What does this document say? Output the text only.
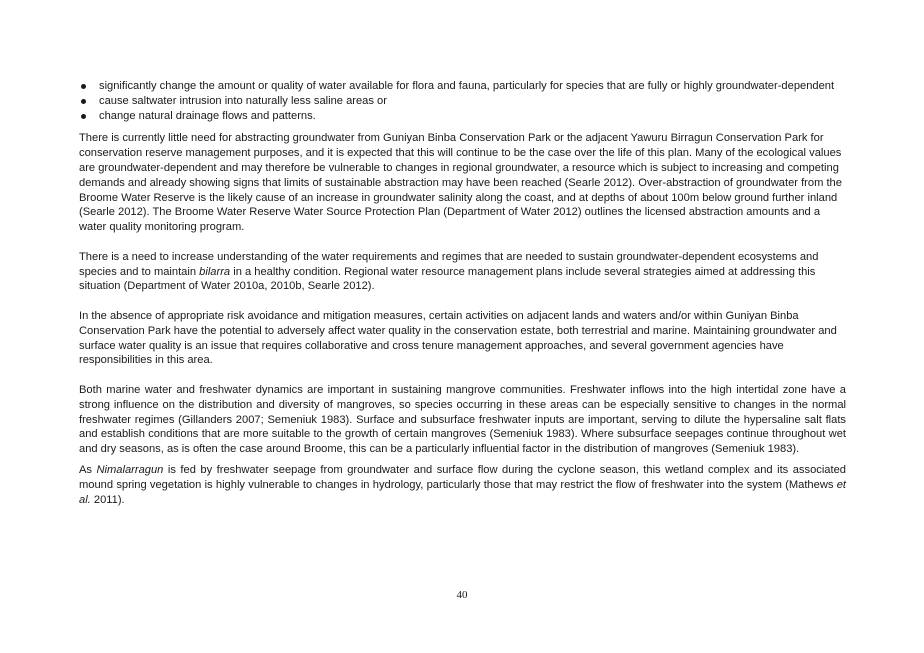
significantly change the amount or quality of water available for flora and fauna, particularly for species that are fully or highly groundwater-dependent
cause saltwater intrusion into naturally less saline areas or
change natural drainage flows and patterns.

There is currently little need for abstracting groundwater from Guniyan Binba Conservation Park or the adjacent Yawuru Birragun Conservation Park for conservation reserve management purposes, and it is expected that this will continue to be the case over the life of this plan. Many of the ecological values are groundwater-dependent and may therefore be vulnerable to changes in regional groundwater, a resource which is subject to increasing and competing demands and already showing signs that limits of sustainable abstraction may have been reached (Searle 2012). Over-abstraction of groundwater from the Broome Water Reserve is the likely cause of an increase in groundwater salinity along the coast, and at depths of about 100m below ground further inland (Searle 2012). The Broome Water Reserve Water Source Protection Plan (Department of Water 2012) outlines the licensed abstraction amounts and a water quality monitoring program.

There is a need to increase understanding of the water requirements and regimes that are needed to sustain groundwater-dependent ecosystems and species and to maintain bilarra in a healthy condition. Regional water resource management plans include several strategies aimed at addressing this situation (Department of Water 2010a, 2010b, Searle 2012).

In the absence of appropriate risk avoidance and mitigation measures, certain activities on adjacent lands and waters and/or within Guniyan Binba Conservation Park have the potential to adversely affect water quality in the conservation estate, both terrestrial and marine. Maintaining groundwater and surface water quality is an issue that requires collaborative and cross tenure management approaches, and several government agencies have responsibilities in this area.

Both marine water and freshwater dynamics are important in sustaining mangrove communities. Freshwater inflows into the high intertidal zone have a strong influence on the distribution and diversity of mangroves, so species occurring in these areas can be especially sensitive to changes in the normal freshwater regimes (Gillanders 2007; Semeniuk 1983). Surface and subsurface freshwater inputs are important, serving to dilute the hypersaline salt flats and establish conditions that are more suitable to the growth of certain mangroves (Semeniuk 1983). Where subsurface seepages continue throughout wet and dry seasons, as is often the case around Broome, this can be a particularly influential factor in the distribution of mangroves (Semeniuk 1983).

As Nimalarragun is fed by freshwater seepage from groundwater and surface flow during the cyclone season, this wetland complex and its associated mound spring vegetation is highly vulnerable to changes in hydrology, particularly those that may restrict the flow of freshwater into the system (Mathews et al. 2011).

40
